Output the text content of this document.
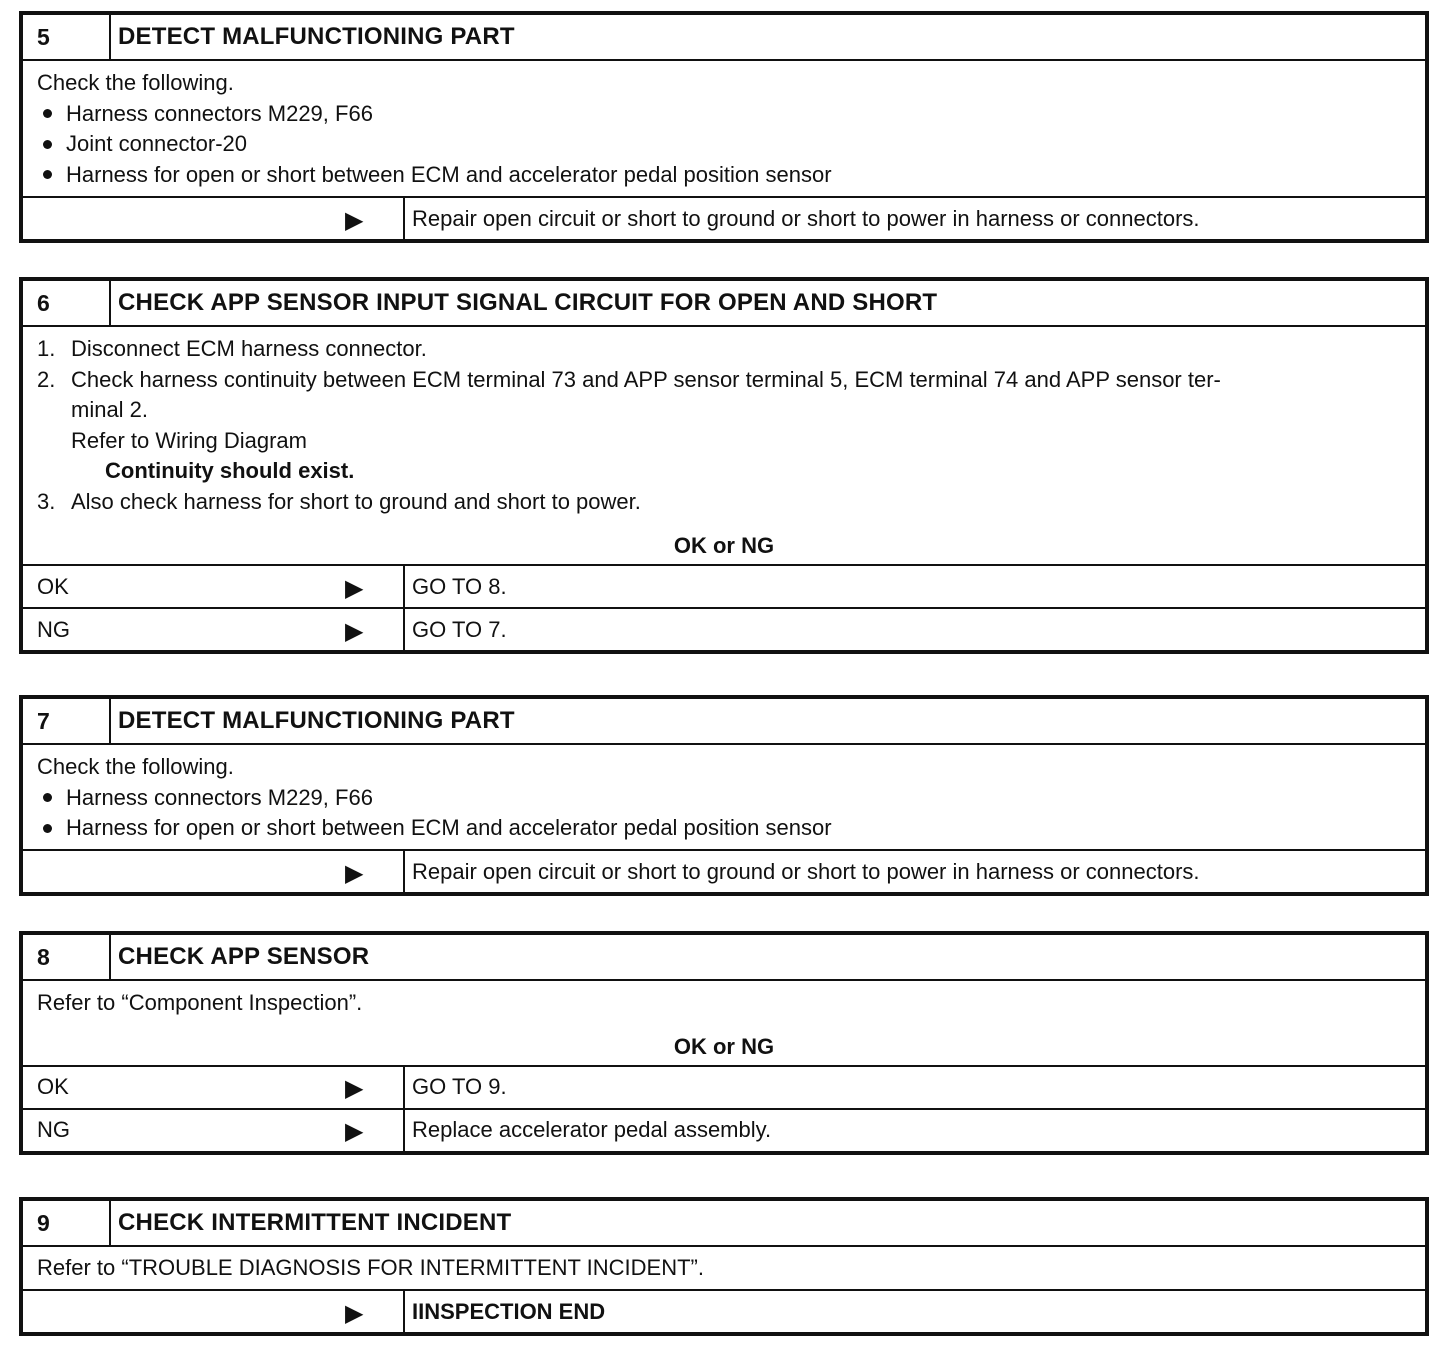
5	DETECT MALFUNCTIONING PART
Check the following.
Harness connectors M229, F66
Joint connector-20
Harness for open or short between ECM and accelerator pedal position sensor
▶	Repair open circuit or short to ground or short to power in harness or connectors.
6	CHECK APP SENSOR INPUT SIGNAL CIRCUIT FOR OPEN AND SHORT
1. Disconnect ECM harness connector.
2. Check harness continuity between ECM terminal 73 and APP sensor terminal 5, ECM terminal 74 and APP sensor ter-
minal 2.
Refer to Wiring Diagram
Continuity should exist.
3. Also check harness for short to ground and short to power.
OK or NG
OK	▶	GO TO 8.
NG	▶	GO TO 7.
7	DETECT MALFUNCTIONING PART
Check the following.
Harness connectors M229, F66
Harness for open or short between ECM and accelerator pedal position sensor
▶	Repair open circuit or short to ground or short to power in harness or connectors.
8	CHECK APP SENSOR
Refer to “Component Inspection”.
OK or NG
OK	▶	GO TO 9.
NG	▶	Replace accelerator pedal assembly.
9	CHECK INTERMITTENT INCIDENT
Refer to “TROUBLE DIAGNOSIS FOR INTERMITTENT INCIDENT”.
▶	IINSPECTION END
